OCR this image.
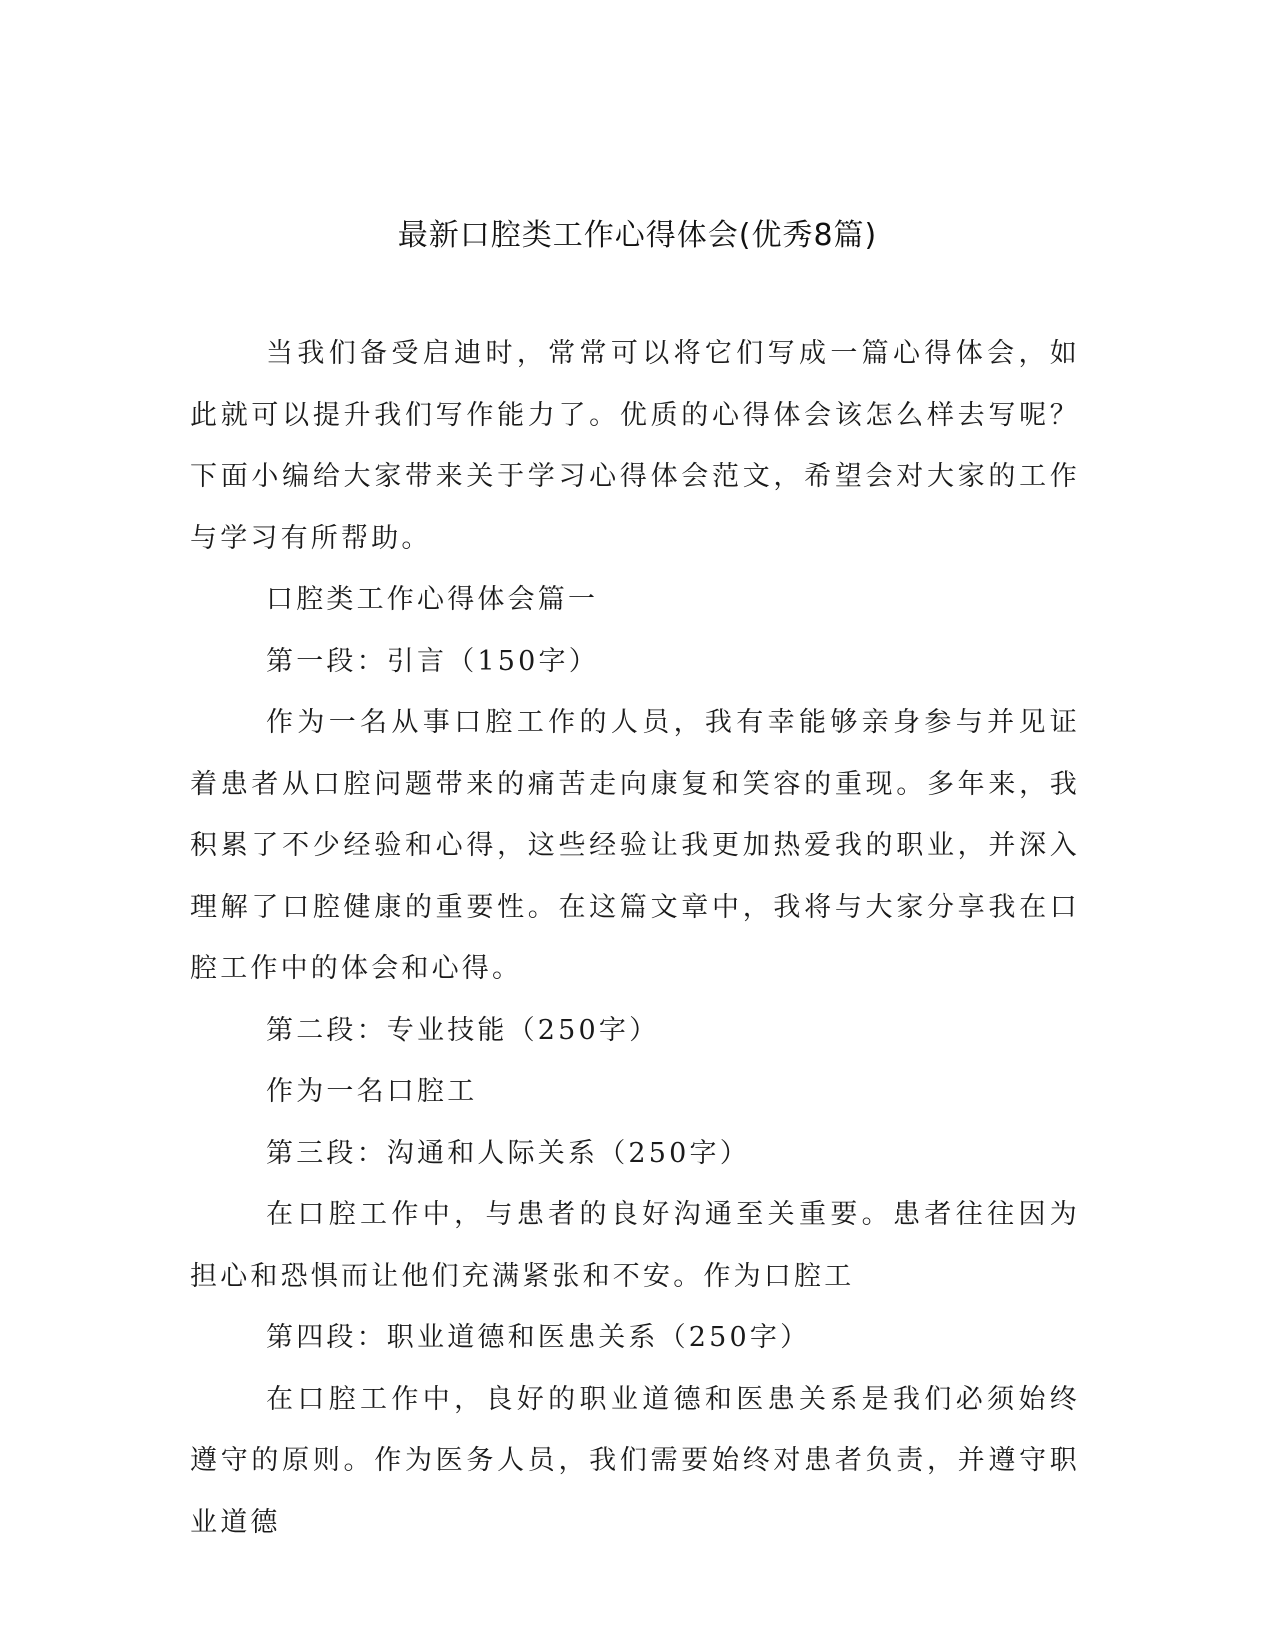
最新口腔类工作心得体会(优秀8篇)

当我们备受启迪时，常常可以将它们写成一篇心得体会，如此就可以提升我们写作能力了。优质的心得体会该怎么样去写呢？下面小编给大家带来关于学习心得体会范文，希望会对大家的工作与学习有所帮助。

口腔类工作心得体会篇一

第一段：引言（150字）

作为一名从事口腔工作的人员，我有幸能够亲身参与并见证着患者从口腔问题带来的痛苦走向康复和笑容的重现。多年来，我积累了不少经验和心得，这些经验让我更加热爱我的职业，并深入理解了口腔健康的重要性。在这篇文章中，我将与大家分享我在口腔工作中的体会和心得。

第二段：专业技能（250字）

作为一名口腔工

第三段：沟通和人际关系（250字）

在口腔工作中，与患者的良好沟通至关重要。患者往往因为担心和恐惧而让他们充满紧张和不安。作为口腔工

第四段：职业道德和医患关系（250字）

在口腔工作中，良好的职业道德和医患关系是我们必须始终遵守的原则。作为医务人员，我们需要始终对患者负责，并遵守职业道德
